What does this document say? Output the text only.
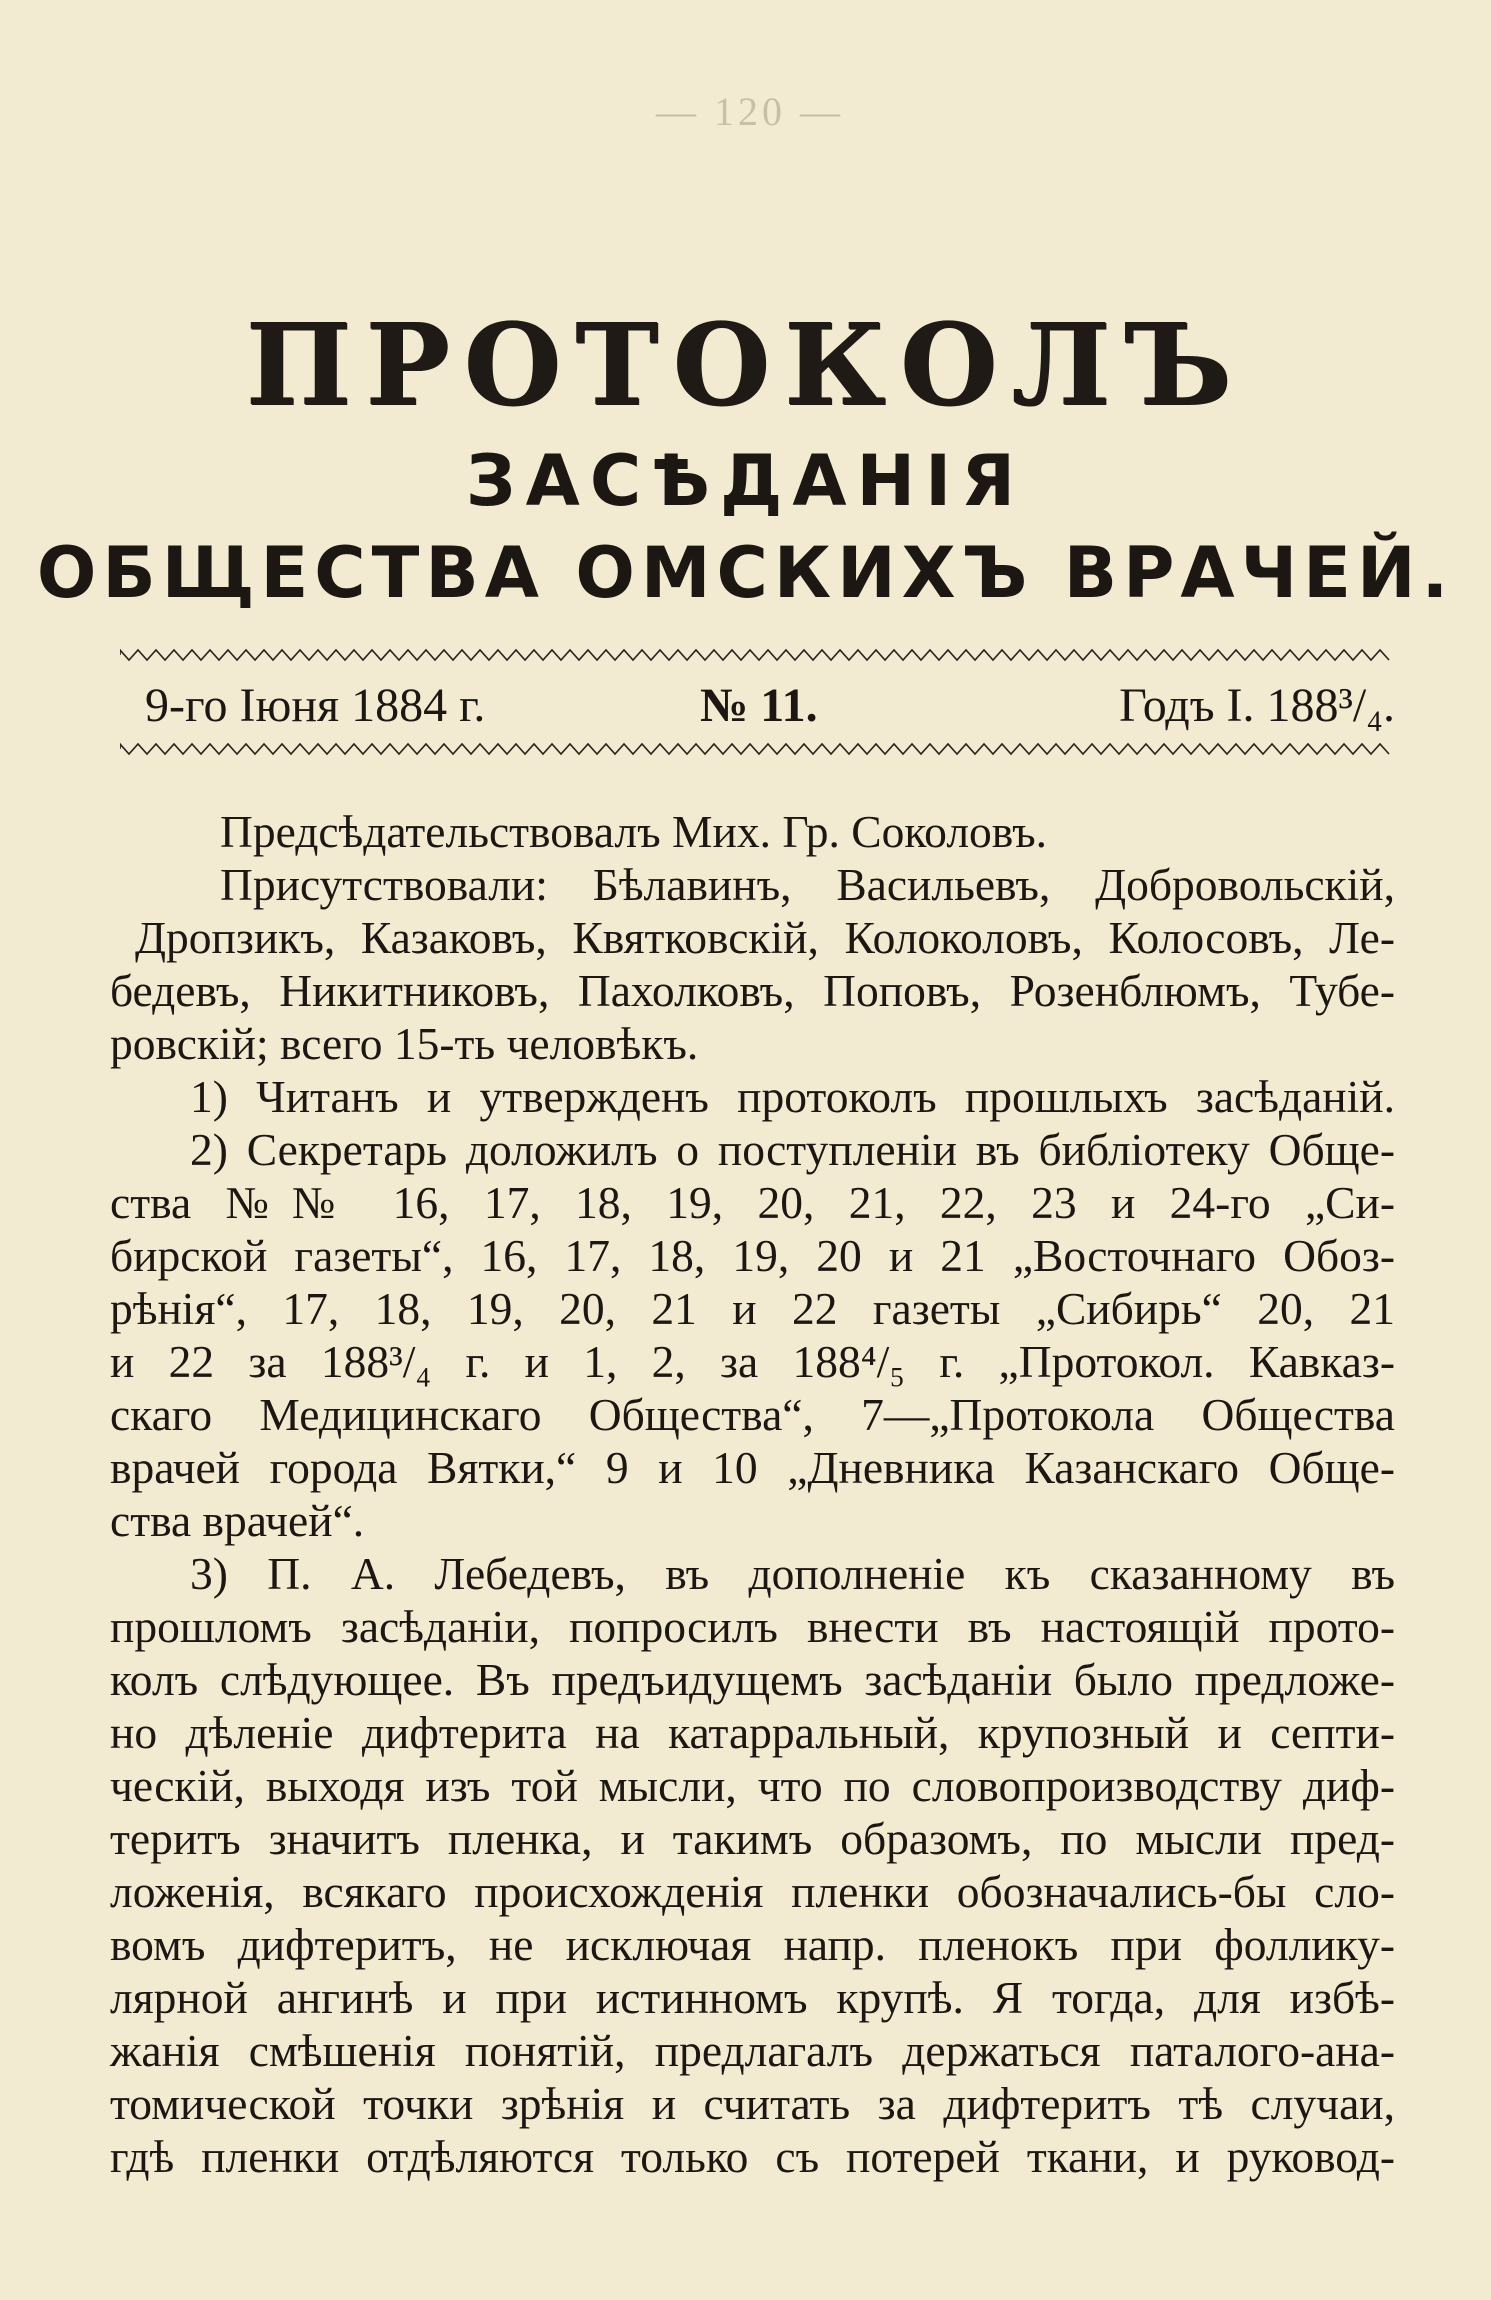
— 120 —
ПРОТОКОЛЪ
ЗАСѢДАНIЯ
ОБЩЕСТВА ОМСКИХЪ ВРАЧЕЙ.
9-го Iюня 1884 г.	№ 11.	Годъ I. 188³/₄.
Предсѣдательствовалъ Мих. Гр. Соколовъ.
Присутствовали: Бѣлавинъ, Васильевъ, Добровольскiй,
Дропзикъ, Казаковъ, Квятковскiй, Колоколовъ, Колосовъ, Ле-
бедевъ, Никитниковъ, Пахолковъ, Поповъ, Розенблюмъ, Тубе-
ровскiй; всего 15-ть человѣкъ.
1) Читанъ и утвержденъ протоколъ прошлыхъ засѣданiй.
2) Секретарь доложилъ о поступленiи въ библiотеку Обще-
ства №№ 16, 17, 18, 19, 20, 21, 22, 23 и 24-го „Си-
бирской газеты“, 16, 17, 18, 19, 20 и 21 „Восточнаго Обоз-
рѣнiя“, 17, 18, 19, 20, 21 и 22 газеты „Сибирь“ 20, 21
и 22 за 188³/₄ г. и 1, 2, за 188⁴/₅ г. „Протокол. Кавказ-
скаго Медицинскаго Общества“, 7—„Протокола Общества
врачей города Вятки,“ 9 и 10 „Дневника Казанскаго Обще-
ства врачей“.
3) П. А. Лебедевъ, въ дополненiе къ сказанному въ
прошломъ засѣданiи, попросилъ внести въ настоящiй прото-
колъ слѣдующее. Въ предъидущемъ засѣданiи было предложе-
но дѣленiе дифтерита на катарральный, крупозный и септи-
ческiй, выходя изъ той мысли, что по словопроизводству диф-
теритъ значитъ пленка, и такимъ образомъ, по мысли пред-
ложенiя, всякаго происхожденiя пленки обозначались-бы сло-
вомъ дифтеритъ, не исключая напр. пленокъ при фоллику-
лярной ангинѣ и при истинномъ крупѣ. Я тогда, для избѣ-
жанiя смѣшенiя понятiй, предлагалъ держаться паталого-ана-
томической точки зрѣнiя и считать за дифтеритъ тѣ случаи,
гдѣ пленки отдѣляются только съ потерей ткани, и руковод-
